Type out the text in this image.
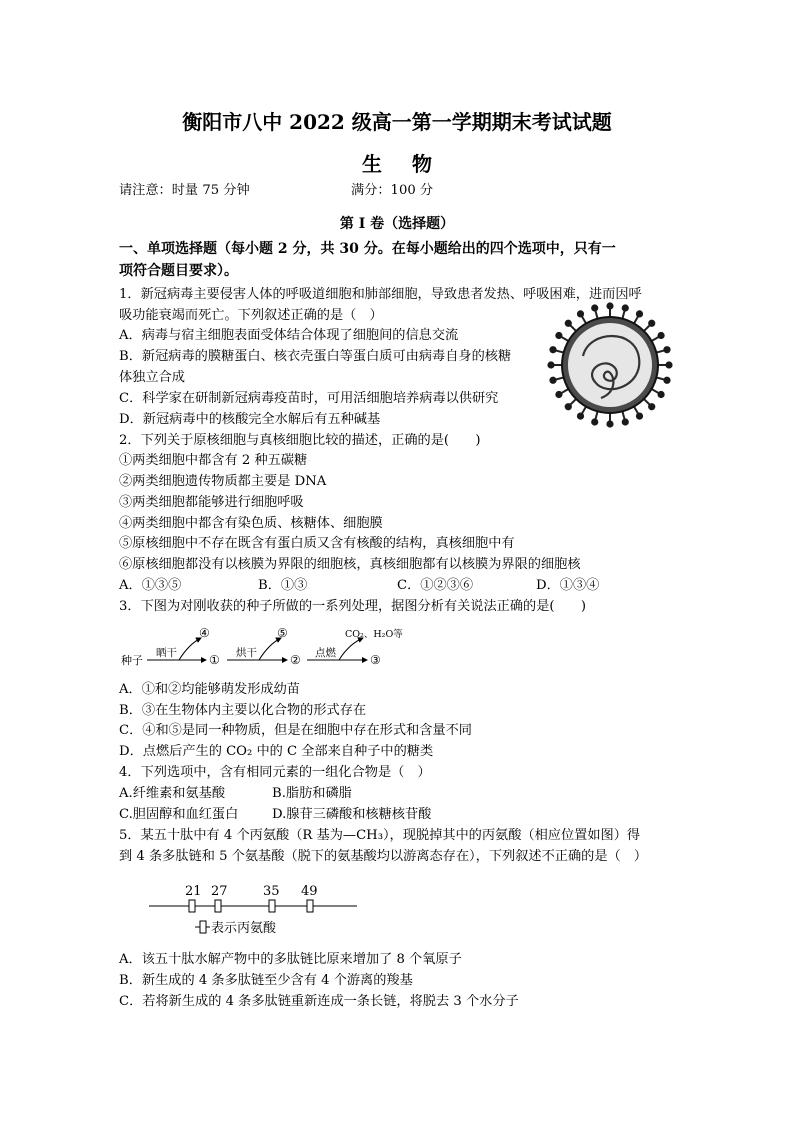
衡阳市八中 2022 级高一第一学期期末考试试题
生物
请注意：时量 75 分钟	满分：100 分
第 I 卷（选择题）
一、单项选择题（每小题 2 分，共 30 分。在每小题给出的四个选项中，只有一
项符合题目要求）。
1．新冠病毒主要侵害人体的呼吸道细胞和肺部细胞，导致患者发热、呼吸困难，进而因呼
吸功能衰竭而死亡。下列叙述正确的是（　）
A．病毒与宿主细胞表面受体结合体现了细胞间的信息交流
B．新冠病毒的膜糖蛋白、核衣壳蛋白等蛋白质可由病毒自身的核糖
体独立合成
C．科学家在研制新冠病毒疫苗时，可用活细胞培养病毒以供研究
D．新冠病毒中的核酸完全水解后有五种碱基
2．下列关于原核细胞与真核细胞比较的描述，正确的是(　　)
①两类细胞中都含有 2 种五碳糖
②两类细胞遗传物质都主要是 DNA
③两类细胞都能够进行细胞呼吸
④两类细胞中都含有染色质、核糖体、细胞膜
⑤原核细胞中不存在既含有蛋白质又含有核酸的结构，真核细胞中有
⑥原核细胞都没有以核膜为界限的细胞核，真核细胞都有以核膜为界限的细胞核
A．①③⑤	B．①③	C．①②③⑥	D．①③④
3．下图为对刚收获的种子所做的一系列处理，据图分析有关说法正确的是(　　)
种子
晒干
④
① 烘干
⑤
② 点燃
CO₂、H₂O等
③
A．①和②均能够萌发形成幼苗
B．③在生物体内主要以化合物的形式存在
C．④和⑤是同一种物质，但是在细胞中存在形式和含量不同
D．点燃后产生的 CO₂ 中的 C 全部来自种子中的糖类
4．下列选项中，含有相同元素的一组化合物是（　）
A.纤维素和氨基酸	B.脂肪和磷脂
C.胆固醇和血红蛋白	D.腺苷三磷酸和核糖核苷酸
5．某五十肽中有 4 个丙氨酸（R 基为—CH₃），现脱掉其中的丙氨酸（相应位置如图）得
到 4 条多肽链和 5 个氨基酸（脱下的氨基酸均以游离态存在），下列叙述不正确的是（　）
21 27	35 49
表示丙氨酸
A．该五十肽水解产物中的多肽链比原来增加了 8 个氧原子
B．新生成的 4 条多肽链至少含有 4 个游离的羧基
C．若将新生成的 4 条多肽链重新连成一条长链，将脱去 3 个水分子
